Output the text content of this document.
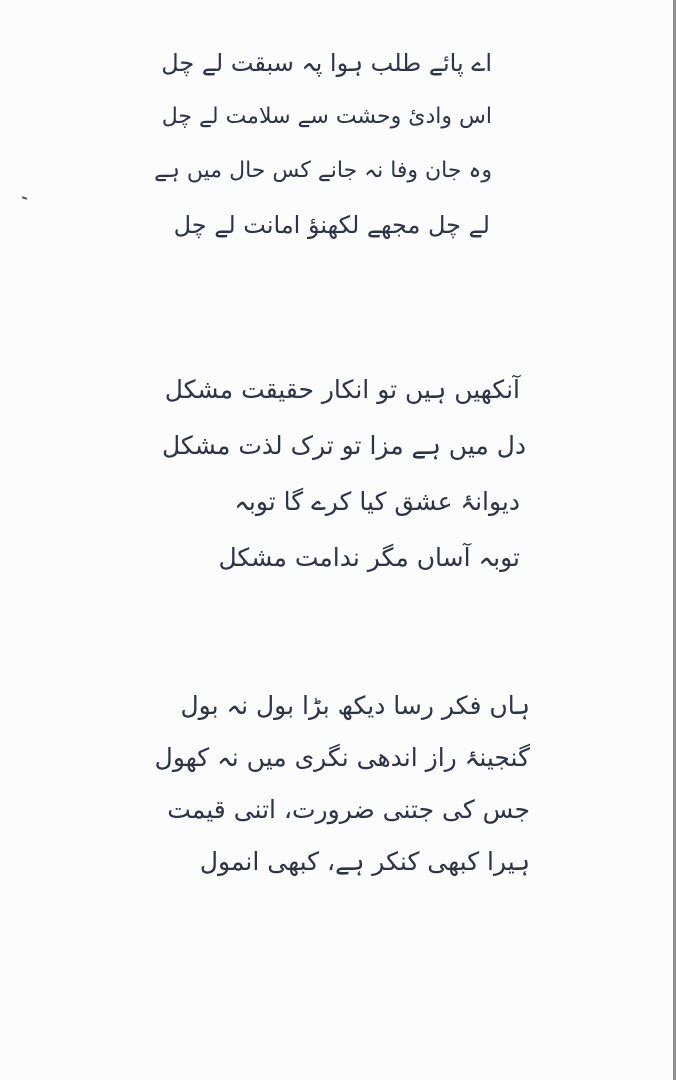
اے پائے طلب ہوا پہ سبقت لے چل
اس وادئ وحشت سے سلامت لے چل
وہ جان وفا نہ جانے کس حال میں ہے
لے چل مجھے لکھنؤ امانت لے چل
آنکھیں ہیں تو انکار حقیقت مشکل
دل میں ہے مزا تو ترک لذت مشکل
دیوانۂ عشق کیا کرے گا توبہ
توبہ آساں مگر ندامت مشکل
ہاں فکر رسا دیکھ بڑا بول نہ بول
گنجینۂ راز اندھی نگری میں نہ کھول
جس کی جتنی ضرورت، اتنی قیمت
ہیرا کبھی کنکر ہے، کبھی انمول
